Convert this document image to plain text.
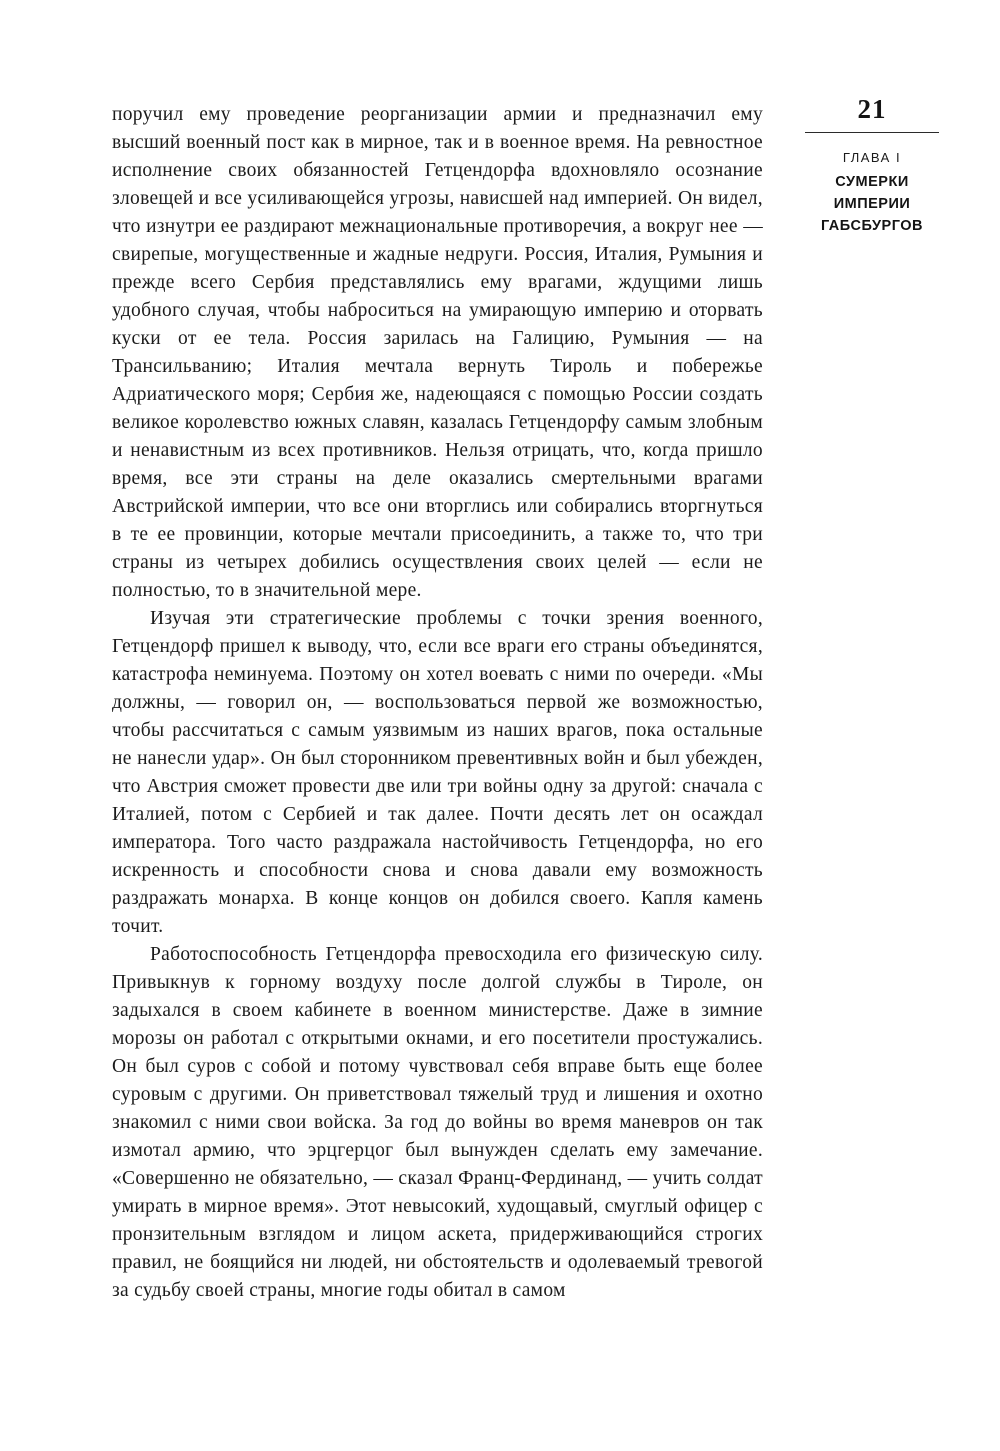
поручил ему проведение реорганизации армии и предназначил ему высший военный пост как в мирное, так и в военное время. На ревностное исполнение своих обязанностей Гетцендорфа вдохновляло осознание зловещей и все усиливающейся угрозы, нависшей над империей. Он видел, что изнутри ее раздирают межнациональные противоречия, а вокруг нее — свирепые, могущественные и жадные недруги. Россия, Италия, Румыния и прежде всего Сербия представлялись ему врагами, ждущими лишь удобного случая, чтобы наброситься на умирающую империю и оторвать куски от ее тела. Россия зарилась на Галицию, Румыния — на Трансильванию; Италия мечтала вернуть Тироль и побережье Адриатического моря; Сербия же, надеющаяся с помощью России создать великое королевство южных славян, казалась Гетцендорфу самым злобным и ненавистным из всех противников. Нельзя отрицать, что, когда пришло время, все эти страны на деле оказались смертельными врагами Австрийской империи, что все они вторглись или собирались вторгнуться в те ее провинции, которые мечтали присоединить, а также то, что три страны из четырех добились осуществления своих целей — если не полностью, то в значительной мере.

Изучая эти стратегические проблемы с точки зрения военного, Гетцендорф пришел к выводу, что, если все враги его страны объединятся, катастрофа неминуема. Поэтому он хотел воевать с ними по очереди. «Мы должны, — говорил он, — воспользоваться первой же возможностью, чтобы рассчитаться с самым уязвимым из наших врагов, пока остальные не нанесли удар». Он был сторонником превентивных войн и был убежден, что Австрия сможет провести две или три войны одну за другой: сначала с Италией, потом с Сербией и так далее. Почти десять лет он осаждал императора. Того часто раздражала настойчивость Гетцендорфа, но его искренность и способности снова и снова давали ему возможность раздражать монарха. В конце концов он добился своего. Капля камень точит.

Работоспособность Гетцендорфа превосходила его физическую силу. Привыкнув к горному воздуху после долгой службы в Тироле, он задыхался в своем кабинете в военном министерстве. Даже в зимние морозы он работал с открытыми окнами, и его посетители простужались. Он был суров с собой и потому чувствовал себя вправе быть еще более суровым с другими. Он приветствовал тяжелый труд и лишения и охотно знакомил с ними свои войска. За год до войны во время маневров он так измотал армию, что эрцгерцог был вынужден сделать ему замечание. «Совершенно не обязательно, — сказал Франц-Фердинанд, — учить солдат умирать в мирное время». Этот невысокий, худощавый, смуглый офицер с пронзительным взглядом и лицом аскета, придерживающийся строгих правил, не боящийся ни людей, ни обстоятельств и одолеваемый тревогой за судьбу своей страны, многие годы обитал в самом

21
ГЛАВА I
СУМЕРКИ ИМПЕРИИ ГАБСБУРГОВ
